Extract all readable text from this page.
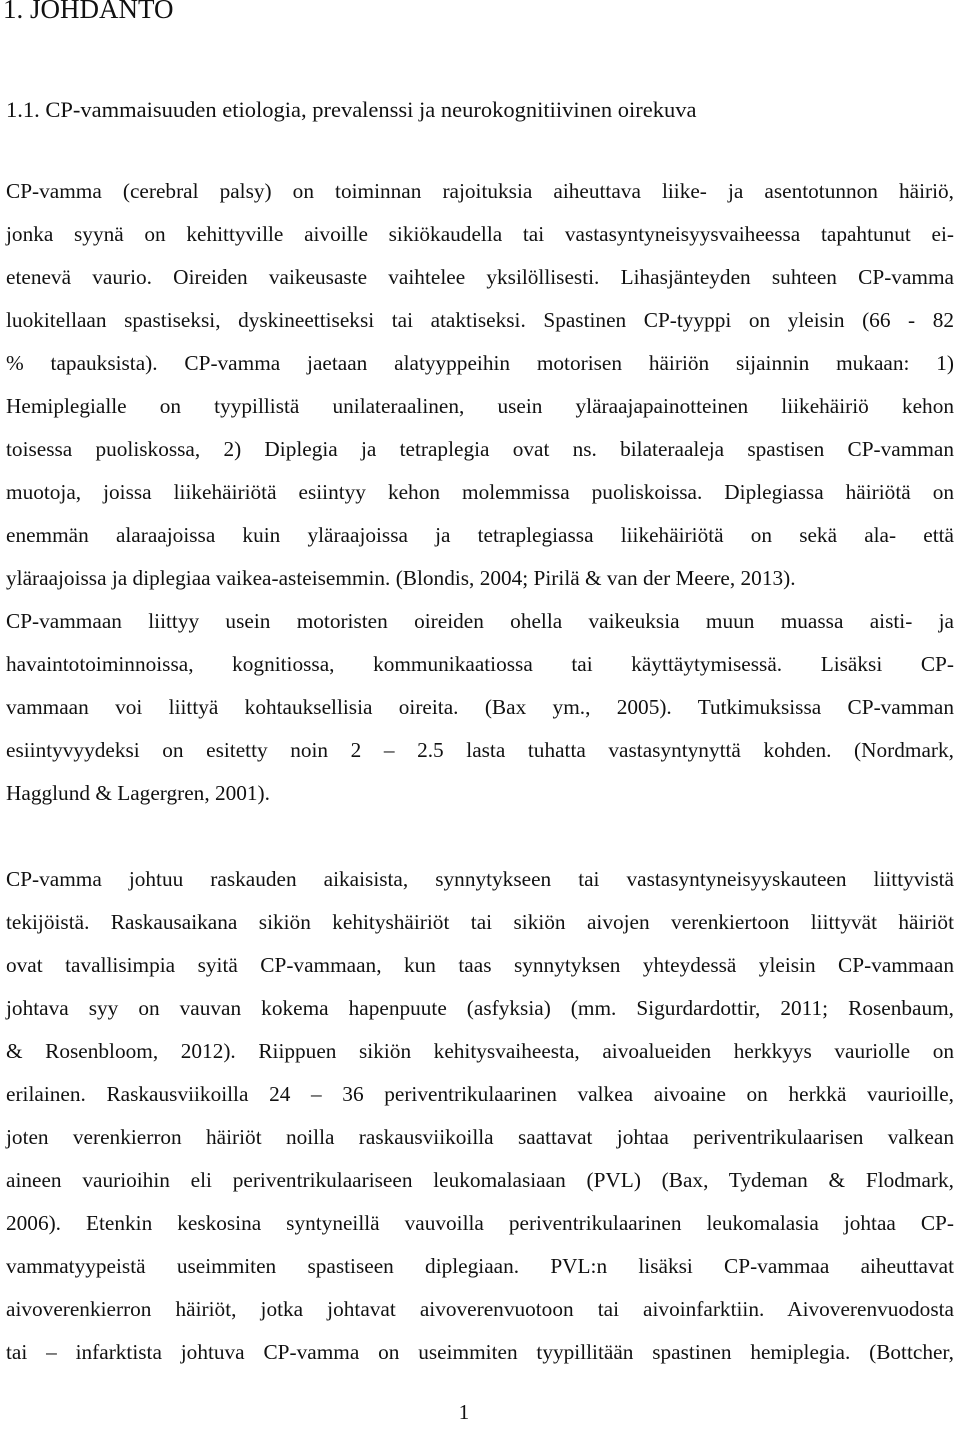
1. JOHDANTO
1.1. CP-vammaisuuden etiologia, prevalenssi ja neurokognitiivinen oirekuva
CP-vamma (cerebral palsy) on toiminnan rajoituksia aiheuttava liike- ja asentotunnon häiriö,
jonka syynä on kehittyville aivoille sikiökaudella tai vastasyntyneisyysvaiheessa tapahtunut ei-
etenevä vaurio. Oireiden vaikeusaste vaihtelee yksilöllisesti. Lihasjänteyden suhteen CP-vamma
luokitellaan spastiseksi, dyskineettiseksi tai ataktiseksi. Spastinen CP-tyyppi on yleisin (66 - 82
% tapauksista). CP-vamma jaetaan alatyyppeihin motorisen häiriön sijainnin mukaan: 1)
Hemiplegialle on tyypillistä unilateraalinen, usein yläraajapainotteinen liikehäiriö kehon
toisessa puoliskossa, 2) Diplegia ja tetraplegia ovat ns. bilateraaleja spastisen CP-vamman
muotoja, joissa liikehäiriötä esiintyy kehon molemmissa puoliskoissa. Diplegiassa häiriötä on
enemmän alaraajoissa kuin yläraajoissa ja tetraplegiassa liikehäiriötä on sekä ala- että
yläraajoissa ja diplegiaa vaikea-asteisemmin. (Blondis, 2004; Pirilä & van der Meere, 2013).
CP-vammaan liittyy usein motoristen oireiden ohella vaikeuksia muun muassa aisti- ja
havaintotoiminnoissa, kognitiossa, kommunikaatiossa tai käyttäytymisessä. Lisäksi CP-
vammaan voi liittyä kohtauksellisia oireita. (Bax ym., 2005). Tutkimuksissa CP-vamman
esiintyvyydeksi on esitetty noin 2 – 2.5 lasta tuhatta vastasyntynyttä kohden. (Nordmark,
Hagglund & Lagergren, 2001).
CP-vamma johtuu raskauden aikaisista, synnytykseen tai vastasyntyneisyyskauteen liittyvistä
tekijöistä. Raskausaikana sikiön kehityshäiriöt tai sikiön aivojen verenkiertoon liittyvät häiriöt
ovat tavallisimpia syitä CP-vammaan, kun taas synnytyksen yhteydessä yleisin CP-vammaan
johtava syy on vauvan kokema hapenpuute (asfyksia) (mm. Sigurdardottir, 2011; Rosenbaum,
& Rosenbloom, 2012). Riippuen sikiön kehitysvaiheesta, aivoalueiden herkkyys vauriolle on
erilainen. Raskausviikoilla 24 – 36 periventrikulaarinen valkea aivoaine on herkkä vaurioille,
joten verenkierron häiriöt noilla raskausviikoilla saattavat johtaa periventrikulaarisen valkean
aineen vaurioihin eli periventrikulaariseen leukomalasiaan (PVL) (Bax, Tydeman & Flodmark,
2006). Etenkin keskosina syntyneillä vauvoilla periventrikulaarinen leukomalasia johtaa CP-
vammatyypeistä useimmiten spastiseen diplegiaan. PVL:n lisäksi CP-vammaa aiheuttavat
aivoverenkierron häiriöt, jotka johtavat aivoverenvuotoon tai aivoinfarktiin. Aivoverenvuodosta
tai – infarktista johtuva CP-vamma on useimmiten tyypillitään spastinen hemiplegia. (Bottcher,
1
